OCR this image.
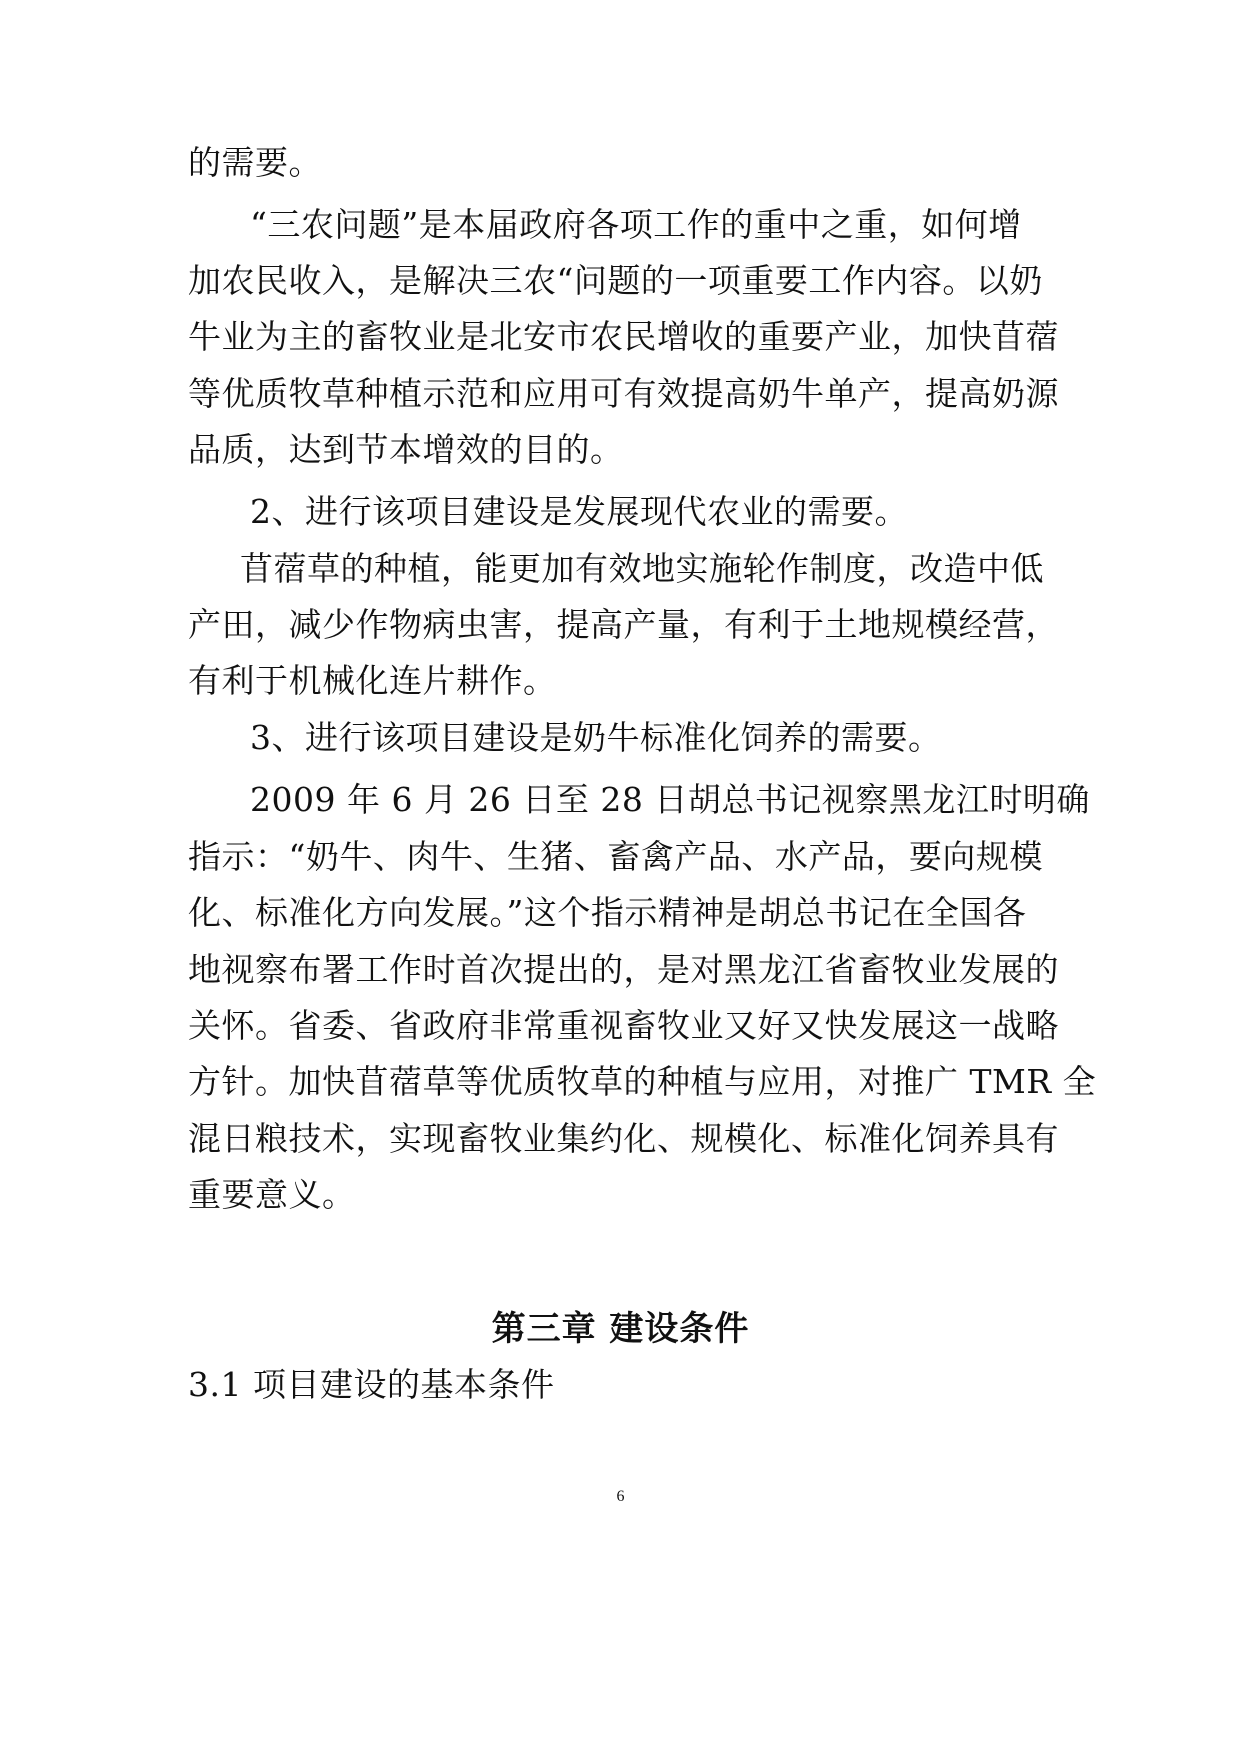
的需要。
“三农问题”是本届政府各项工作的重中之重，如何增
加农民收入，是解决三农“问题的一项重要工作内容。以奶
牛业为主的畜牧业是北安市农民增收的重要产业，加快苜蓿
等优质牧草种植示范和应用可有效提高奶牛单产，提高奶源
品质，达到节本增效的目的。
2、进行该项目建设是发展现代农业的需要。
苜蓿草的种植，能更加有效地实施轮作制度，改造中低
产田，减少作物病虫害，提高产量，有利于土地规模经营，
有利于机械化连片耕作。
3、进行该项目建设是奶牛标准化饲养的需要。
2009 年 6 月 26 日至 28 日胡总书记视察黑龙江时明确
指示：“奶牛、肉牛、生猪、畜禽产品、水产品，要向规模
化、标准化方向发展。”这个指示精神是胡总书记在全国各
地视察布署工作时首次提出的，是对黑龙江省畜牧业发展的
关怀。省委、省政府非常重视畜牧业又好又快发展这一战略
方针。加快苜蓿草等优质牧草的种植与应用，对推广 TMR 全
混日粮技术，实现畜牧业集约化、规模化、标准化饲养具有
重要意义。
第三章 建设条件
3.1 项目建设的基本条件
6
